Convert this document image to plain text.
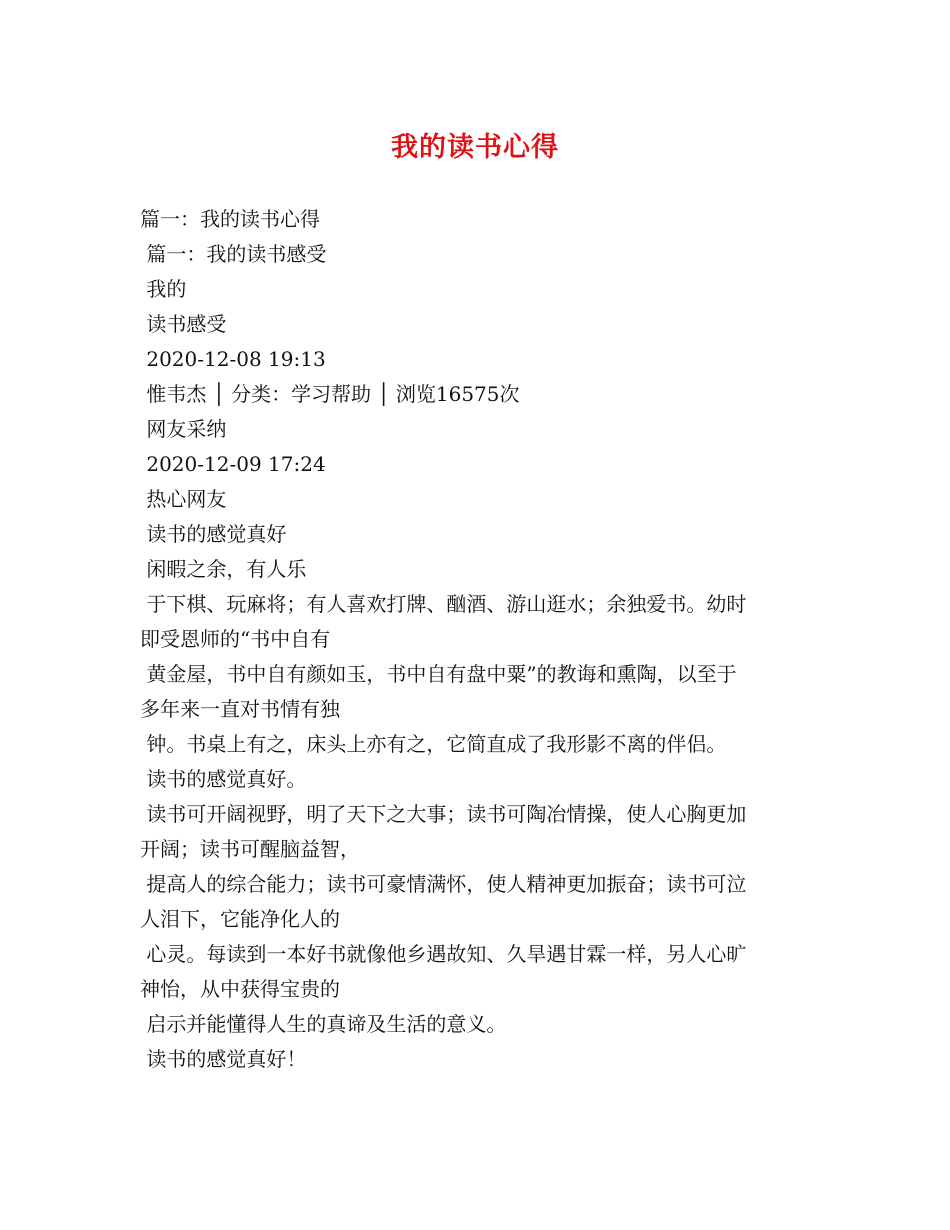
我的读书心得
篇一：我的读书心得
篇一：我的读书感受
我的
读书感受
2020-12-08 19:13
惟韦杰 │ 分类：学习帮助 │ 浏览16575次
网友采纳
2020-12-09 17:24
热心网友
读书的感觉真好
闲暇之余，有人乐
于下棋、玩麻将；有人喜欢打牌、酗酒、游山逛水；余独爱书。幼时
即受恩师的“书中自有
黄金屋，书中自有颜如玉，书中自有盘中粟”的教诲和熏陶，以至于
多年来一直对书情有独
钟。书桌上有之，床头上亦有之，它简直成了我形影不离的伴侣。
读书的感觉真好。
读书可开阔视野，明了天下之大事；读书可陶冶情操，使人心胸更加
开阔；读书可醒脑益智，
提高人的综合能力；读书可豪情满怀，使人精神更加振奋；读书可泣
人泪下，它能净化人的
心灵。每读到一本好书就像他乡遇故知、久旱遇甘霖一样，另人心旷
神怡，从中获得宝贵的
启示并能懂得人生的真谛及生活的意义。
读书的感觉真好！
